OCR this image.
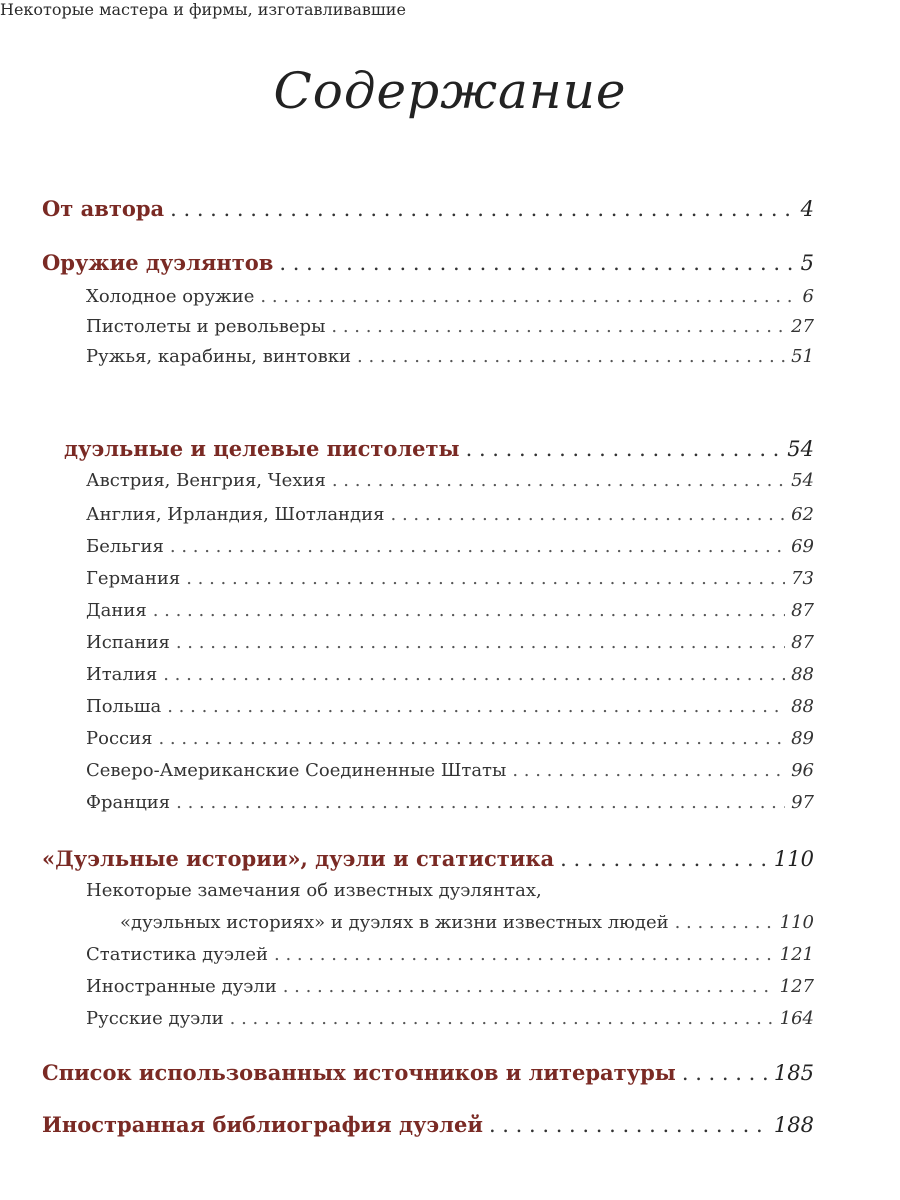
Содержание
От автора . . .	4
Оружие дуэлянтов . . .	5
Холодное оружие . . .	6
Пистолеты и револьверы . . .	27
Ружья, карабины, винтовки . . .	51
Некоторые мастера и фирмы, изготавливавшие
дуэльные и целевые пистолеты . . .	54
Австрия, Венгрия, Чехия . . .	54
Англия, Ирландия, Шотландия . . .	62
Бельгия . . .	69
Германия . . .	73
Дания . . .	87
Испания . . .	87
Италия . . .	88
Польша . . .	88
Россия . . .	89
Северо-Американские Соединенные Штаты . . .	96
Франция . . .	97
«Дуэльные истории», дуэли и статистика . . .	110
Некоторые замечания об известных дуэлянтах,
«дуэльных историях» и дуэлях в жизни известных людей . . .	110
Статистика дуэлей . . .	121
Иностранные дуэли . . .	127
Русские дуэли . . .	164
Список использованных источников и литературы . . .	185
Иностранная библиография дуэлей . . .	188
